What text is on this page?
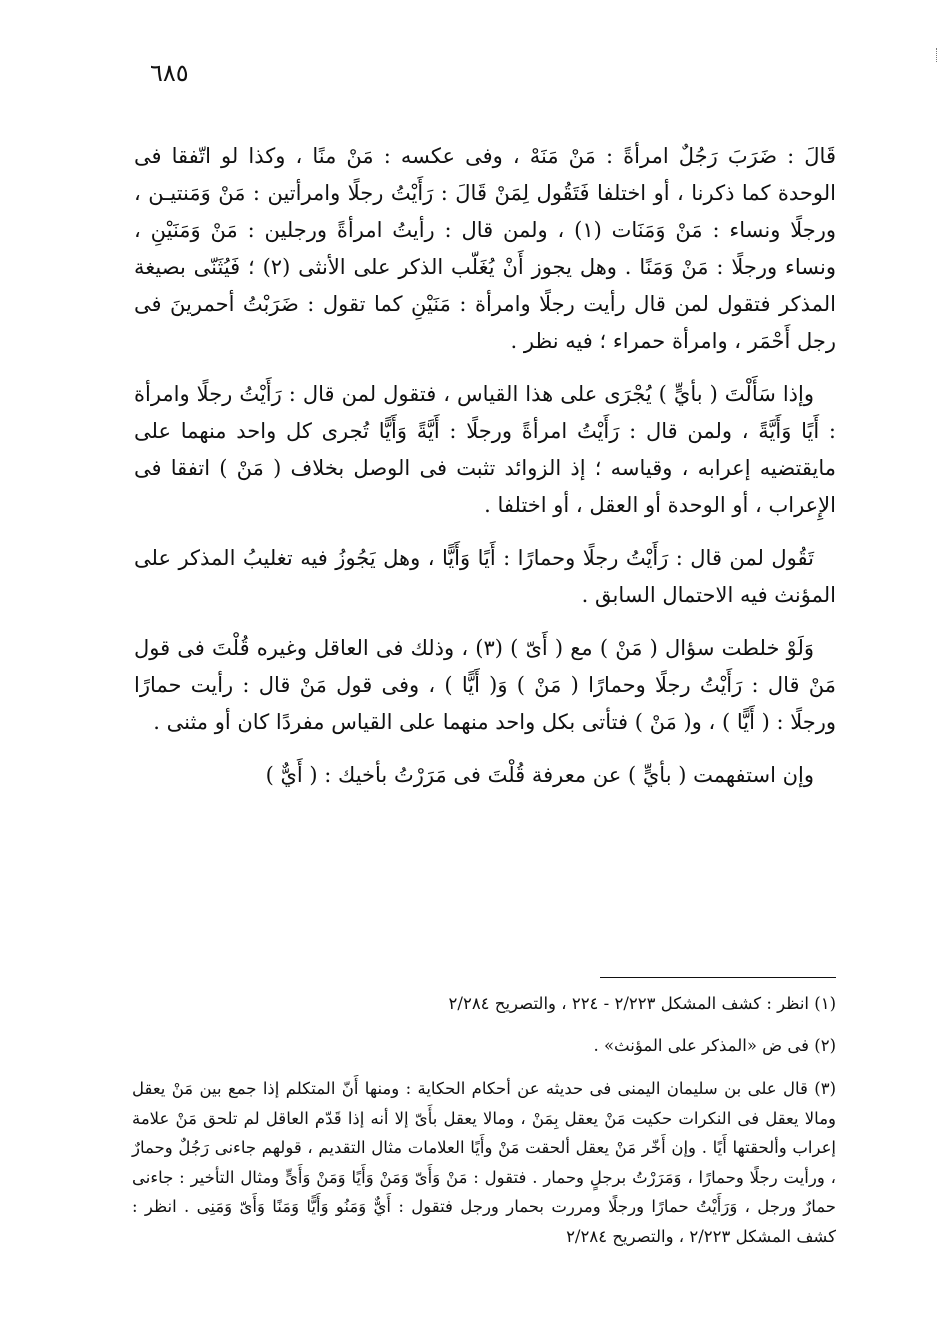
٦٨٥

قَالَ : ضَرَبَ رَجُلٌ امرأةً : مَنْ مَنَهْ ، وفى عكسه : مَنْ منًا ، وكذا لو اتّفقا فى الوحدة كما ذكرنا ، أو اختلفا فَتَقُول لِمَنْ قَالَ : رَأَيْتُ رجلًا وامرأتين : مَنْ وَمَنتيـن ، ورجلًا ونساء : مَنْ وَمَنَات (١) ، ولمن قال : رأيتُ امرأةً ورجلين : مَنْ وَمَنَيْنِ ، ونساء ورجلًا : مَنْ وَمَنًا . وهل يجوز أَنْ يُغَلّب الذكر على الأنثى (٢) ؛ فَيُثَنّى بصيغة المذكر فتقول لمن قال رأيت رجلًا وامرأة : مَنَيْنِ كما تقول : ضَرَبْتُ أحمرينَ فى رجل أَحْمَر ، وامرأة حمراء ؛ فيه نظر .

وإذا سَأَلْتَ ( بأيٍّ ) يُجْرَى على هذا القياس ، فتقول لمن قال : رَأَيْتُ رجلًا وامرأة : أَيًا وَأَيَّةً ، ولمن قال : رَأَيْتُ امرأةً ورجلًا : أَيَّةً وَأَيًّا تُجرى كل واحد منهما على مايقتضيه إعرابه ، وقياسه ؛ إذ الزوائد تثبت فى الوصل بخلاف ( مَنْ ) اتفقا فى الإِعراب ، أو الوحدة أو العقل ، أو اختلفا .

تَقُول لمن قال : رَأَيْتُ رجلًا وحمارًا : أَيًا وَأَيًّا ، وهل يَجُوزُ فيه تغليبُ المذكر على المؤنث فيه الاحتمال السابق .

وَلَوْ خلطت سؤال ( مَنْ ) مع ( أَىّ ) (٣) ، وذلك فى العاقل وغيره قُلْتَ فى قول مَنْ قال : رَأَيْتُ رجلًا وحمارًا ( مَنْ ) وَ( أَيًّا ) ، وفى قول مَنْ قال : رأيت حمارًا ورجلًا : ( أَيًّا ) ، و( مَنْ ) فتأتى بكل واحد منهما على القياس مفردًا كان أو مثنى .

وإن استفهمت ( بأيٍّ ) عن معرفة قُلْتَ فى مَرَرْتُ بأخيك : ( أَيٌّ )

(١) انظر : كشف المشكل ٢/٢٢٣ - ٢٢٤ ، والتصريح ٢/٢٨٤
(٢) فى ض «المذكر على المؤنث» .
(٣) قال على بن سليمان اليمنى فى حديثه عن أحكام الحكاية : ومنها أَنّ المتكلم إذا جمع بين مَنْ يعقل ومالا يعقل فى النكرات حكيت مَنْ يعقل بِمَنْ ، ومالا يعقل بأَىّ إلا أنه إذا قَدّم العاقل لم تلحق مَنْ علامة إعراب وألحقتها أَيًا . وإن أَخّر مَنْ يعقل ألحقت مَنْ وأَيًا العلامات مثال التقديم ، قولهم جاءنى رَجُلٌ وحمارٌ ، ورأيت رجلًا وحمارًا ، وَمَرَرْتُ برجلٍ وحمار . فتقول : مَنْ وَأَىّ وَمَنْ وَأَيًا وَمَنْ وَأَىٍّ ومثال التأخير : جاءنى حمارٌ ورجل ، وَرَأَيْتُ حمارًا ورجلًا ومررت بحمار ورجل فتقول : أَيٌّ وَمَنُو وَأَيًّا وَمَنًا وَأَىّ وَمَنِى . انظر : كشف المشكل ٢/٢٢٣ ، والتصريح ٢/٢٨٤
